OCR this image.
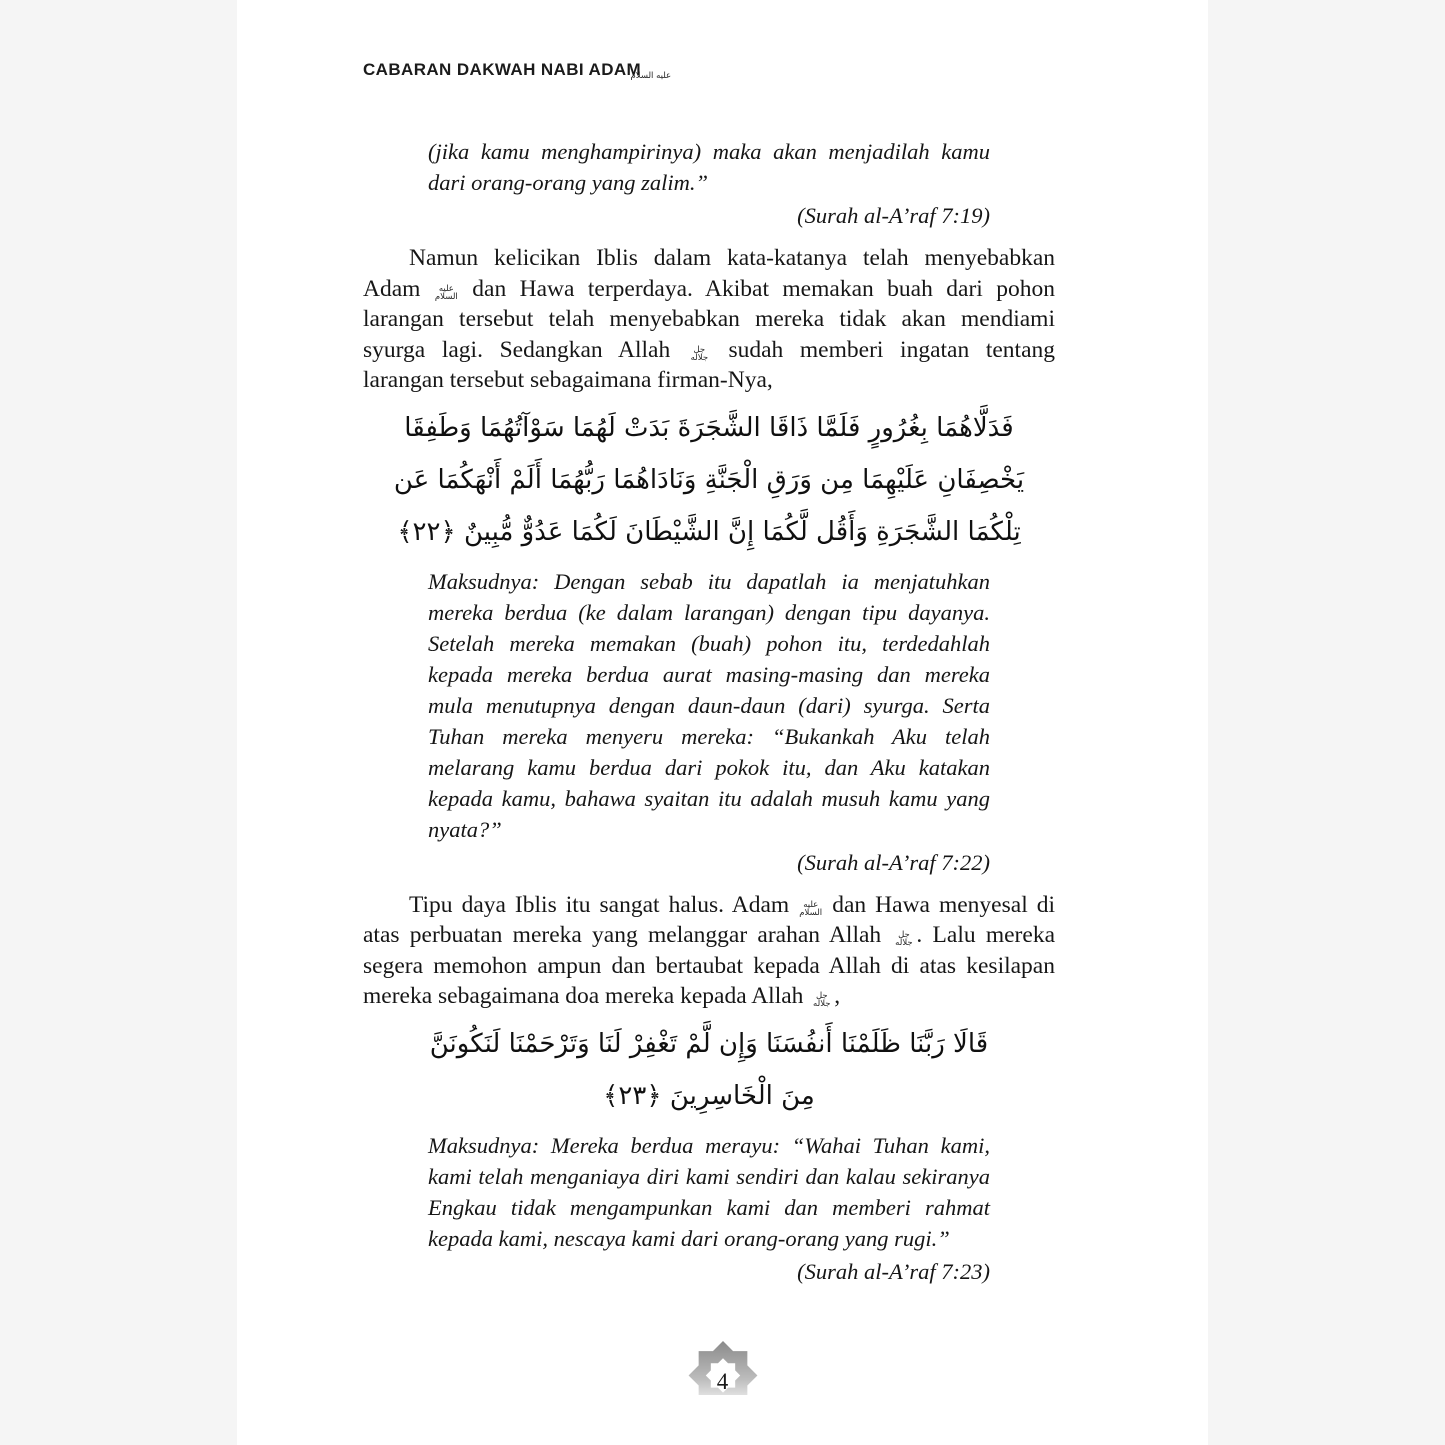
CABARAN DAKWAH NABI ADAMعليه السلام

(jika kamu menghampirinya) maka akan menjadilah kamu dari orang-orang yang zalim.”

(Surah al-A’raf 7:19)

Namun kelicikan Iblis dalam kata-katanya telah menyebabkan Adam عليه السلام dan Hawa terperdaya. Akibat memakan buah dari pohon larangan tersebut telah menyebabkan mereka tidak akan mendiami syurga lagi. Sedangkan Allah جل جلاله sudah memberi ingatan tentang larangan tersebut sebagaimana firman-Nya,

فَدَلَّاهُمَا بِغُرُورٍ فَلَمَّا ذَاقَا الشَّجَرَةَ بَدَتْ لَهُمَا سَوْآتُهُمَا وَطَفِقَا
يَخْصِفَانِ عَلَيْهِمَا مِن وَرَقِ الْجَنَّةِ وَنَادَاهُمَا رَبُّهُمَا أَلَمْ أَنْهَكُمَا عَن
تِلْكُمَا الشَّجَرَةِ وَأَقُل لَّكُمَا إِنَّ الشَّيْطَانَ لَكُمَا عَدُوٌّ مُّبِينٌ ﴿٢٢﴾

Maksudnya: Dengan sebab itu dapatlah ia menjatuhkan mereka berdua (ke dalam larangan) dengan tipu dayanya. Setelah mereka memakan (buah) pohon itu, terdedahlah kepada mereka berdua aurat masing-masing dan mereka mula menutupnya dengan daun-daun (dari) syurga. Serta Tuhan mereka menyeru mereka: “Bukankah Aku telah melarang kamu berdua dari pokok itu, dan Aku katakan kepada kamu, bahawa syaitan itu adalah musuh kamu yang nyata?”

(Surah al-A’raf 7:22)

Tipu daya Iblis itu sangat halus. Adam عليه السلام dan Hawa menyesal di atas perbuatan mereka yang melanggar arahan Allah جل جلاله . Lalu mereka segera memohon ampun dan bertaubat kepada Allah di atas kesilapan mereka sebagaimana doa mereka kepada Allah جل جلاله ,

قَالَا رَبَّنَا ظَلَمْنَا أَنفُسَنَا وَإِن لَّمْ تَغْفِرْ لَنَا وَتَرْحَمْنَا لَنَكُونَنَّ
مِنَ الْخَاسِرِينَ ﴿٢٣﴾

Maksudnya: Mereka berdua merayu: “Wahai Tuhan kami, kami telah menganiaya diri kami sendiri dan kalau sekiranya Engkau tidak mengampunkan kami dan memberi rahmat kepada kami, nescaya kami dari orang-orang yang rugi.”

(Surah al-A’raf 7:23)

4
